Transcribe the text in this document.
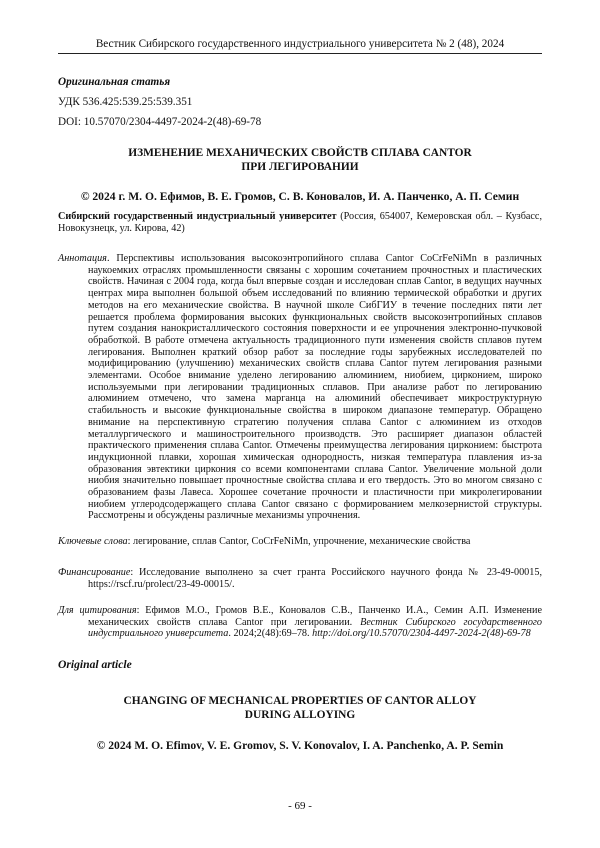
Вестник Сибирского государственного индустриального университета № 2 (48), 2024
Оригинальная статья
УДК 536.425:539.25:539.351
DOI: 10.57070/2304-4497-2024-2(48)-69-78
ИЗМЕНЕНИЕ МЕХАНИЧЕСКИХ СВОЙСТВ СПЛАВА CANTOR
ПРИ ЛЕГИРОВАНИИ
© 2024 г. М. О. Ефимов, В. Е. Громов, С. В. Коновалов, И. А. Панченко, А. П. Семин
Сибирский государственный индустриальный университет (Россия, 654007, Кемеровская обл. – Кузбасс, Новокузнецк, ул. Кирова, 42)
Аннотация. Перспективы использования высокоэнтропийного сплава Cantor CoCrFeNiMn в различных наукоемких отраслях промышленности связаны с хорошим сочетанием прочностных и пластических свойств. Начиная с 2004 года, когда был впервые создан и исследован сплав Cantor, в ведущих научных центрах мира выполнен большой объем исследований по влиянию термической обработки и других методов на его механические свойства. В научной школе СибГИУ в течение последних пяти лет решается проблема формирования высоких функциональных свойств высокоэнтропийных сплавов путем создания нанокристаллического состояния поверхности и ее упрочнения электронно-пучковой обработкой. В работе отмечена актуальность традиционного пути изменения свойств сплавов путем легирования. Выполнен краткий обзор работ за последние годы зарубежных исследователей по модифицированию (улучшению) механических свойств сплава Cantor путем легирования разными элементами. Особое внимание уделено легированию алюминием, ниобием, цирконием, широко используемыми при легировании традиционных сплавов. При анализе работ по легированию алюминием отмечено, что замена марганца на алюминий обеспечивает микроструктурную стабильность и высокие функциональные свойства в широком диапазоне температур. Обращено внимание на перспективную стратегию получения сплава Cantor с алюминием из отходов металлургического и машиностроительного производств. Это расширяет диапазон областей практического применения сплава Cantor. Отмечены преимущества легирования цирконием: быстрота индукционной плавки, хорошая химическая однородность, низкая температура плавления из-за образования эвтектики циркония со всеми компонентами сплава Cantor. Увеличение мольной доли ниобия значительно повышает прочностные свойства сплава и его твердость. Это во многом связано с образованием фазы Лавеса. Хорошее сочетание прочности и пластичности при микролегировании ниобием углеродсодержащего сплава Cantor связано с формированием мелкозернистой структуры. Рассмотрены и обсуждены различные механизмы упрочнения.
Ключевые слова: легирование, сплав Cantor, CoCrFeNiMn, упрочнение, механические свойства
Финансирование: Исследование выполнено за счет гранта Российского научного фонда № 23-49-00015, https://rscf.ru/prolect/23-49-00015/.
Для цитирования: Ефимов М.О., Громов В.Е., Коновалов С.В., Панченко И.А., Семин А.П. Изменение механических свойств сплава Cantor при легировании. Вестник Сибирского государственного индустриального университета. 2024;2(48):69–78. http://doi.org/10.57070/2304-4497-2024-2(48)-69-78
Original article
CHANGING OF MECHANICAL PROPERTIES OF CANTOR ALLOY
DURING ALLOYING
© 2024 M. O. Efimov, V. E. Gromov, S. V. Konovalov, I. A. Panchenko, A. P. Semin
- 69 -
